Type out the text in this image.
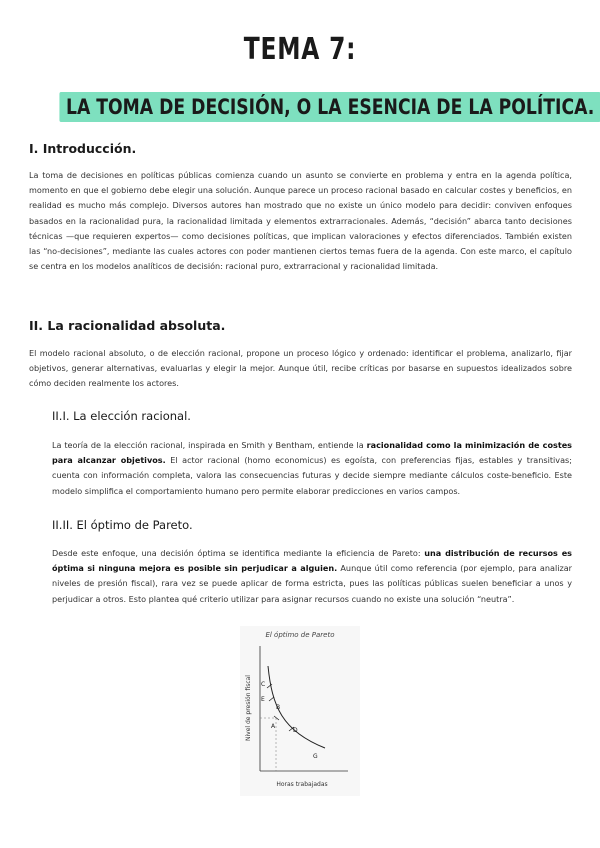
TEMA 7:
LA TOMA DE DECISIÓN, O LA ESENCIA DE LA POLÍTICA.
I. Introducción.

La toma de decisiones en políticas públicas comienza cuando un asunto se convierte en problema y entra en la agenda política, momento en que el gobierno debe elegir una solución. Aunque parece un proceso racional basado en calcular costes y beneficios, en realidad es mucho más complejo. Diversos autores han mostrado que no existe un único modelo para decidir: conviven enfoques basados en la racionalidad pura, la racionalidad limitada y elementos extrarracionales. Además, “decisión” abarca tanto decisiones técnicas —que requieren expertos— como decisiones políticas, que implican valoraciones y efectos diferenciados. También existen las “no-decisiones”, mediante las cuales actores con poder mantienen ciertos temas fuera de la agenda. Con este marco, el capítulo se centra en los modelos analíticos de decisión: racional puro, extrarracional y racionalidad limitada.

II. La racionalidad absoluta.

El modelo racional absoluto, o de elección racional, propone un proceso lógico y ordenado: identificar el problema, analizarlo, fijar objetivos, generar alternativas, evaluarlas y elegir la mejor. Aunque útil, recibe críticas por basarse en supuestos idealizados sobre cómo deciden realmente los actores.

II.I. La elección racional.

La teoría de la elección racional, inspirada en Smith y Bentham, entiende la racionalidad como la minimización de costes para alcanzar objetivos. El actor racional (homo economicus) es egoísta, con preferencias fijas, estables y transitivas; cuenta con información completa, valora las consecuencias futuras y decide siempre mediante cálculos coste-beneficio. Este modelo simplifica el comportamiento humano pero permite elaborar predicciones en varios campos.

II.II. El óptimo de Pareto.

Desde este enfoque, una decisión óptima se identifica mediante la eficiencia de Pareto: una distribución de recursos es óptima si ninguna mejora es posible sin perjudicar a alguien. Aunque útil como referencia (por ejemplo, para analizar niveles de presión fiscal), rara vez se puede aplicar de forma estricta, pues las políticas públicas suelen beneficiar a unos y perjudicar a otros. Esto plantea qué criterio utilizar para asignar recursos cuando no existe una solución “neutra”.

El óptimo de Pareto
C
E
B
A
D
G
Nivel de presión fiscal
Horas trabajadas
